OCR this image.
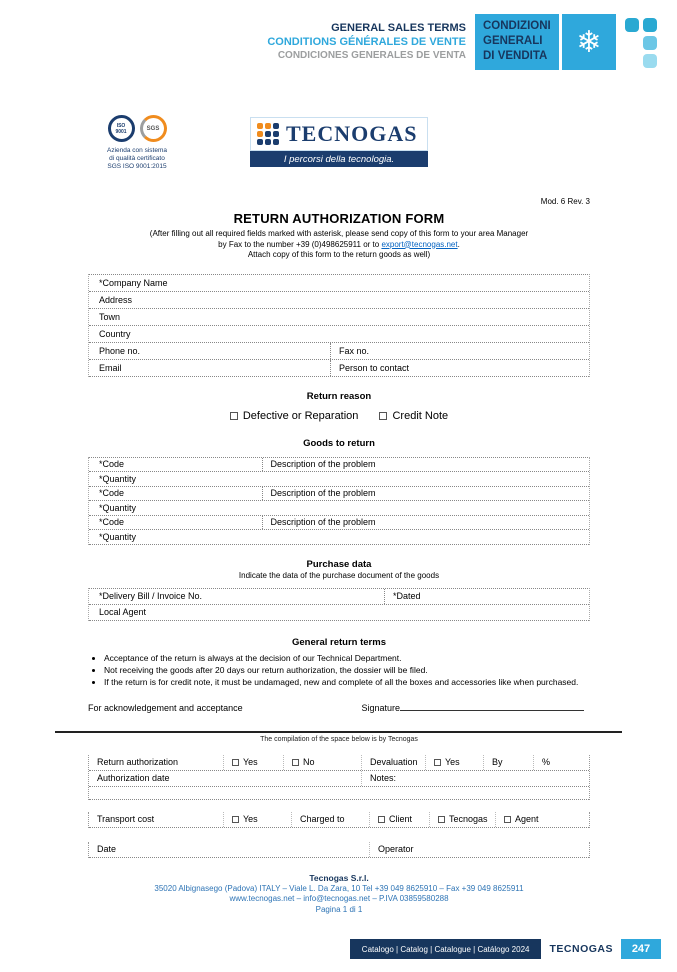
GENERAL SALES TERMS
CONDITIONS GÉNÉRALES DE VENTE
CONDICIONES GENERALES DE VENTA
CONDIZIONI
GENERALI
DI VENDITA ❄
ISO 9001	SGS
Azienda con sistema
di qualità certificato
SGS ISO 9001:2015
TECNOGAS
I percorsi della tecnologia.
Mod. 6 Rev. 3
RETURN AUTHORIZATION FORM
(After filling out all required fields marked with asterisk, please send copy of this form to your area Manager
by Fax to the number +39 (0)498625911 or to export@tecnogas.net.
Attach copy of this form to the return goods as well)
*Company Name
Address
Town
Country
Phone no.	Fax no.
Email	Person to contact
Return reason
Defective or Reparation	Credit Note
Goods to return
*Code	Description of the problem
*Quantity
*Code	Description of the problem
*Quantity
*Code	Description of the problem
*Quantity
Purchase data
Indicate the data of the purchase document of the goods
*Delivery Bill / Invoice No.	*Dated
Local Agent
General return terms
• Acceptance of the return is always at the decision of our Technical Department.
• Not receiving the goods after 20 days our return authorization, the dossier will be filed.
• If the return is for credit note, it must be undamaged, new and complete of all the boxes and accessories like when purchased.
For acknowledgement and acceptance	Signature
The compilation of the space below is by Tecnogas
Return authorization	Yes	No	Devaluation	Yes	By	%
Authorization date	Notes:
Transport cost	Yes	Charged to	Client	Tecnogas	Agent
Date	Operator
Tecnogas S.r.l.
35020 Albignasego (Padova) ITALY – Viale L. Da Zara, 10 Tel +39 049 8625910 – Fax +39 049 8625911
www.tecnogas.net – info@tecnogas.net – P.IVA 03859580288
Pagina 1 di 1
Catalogo | Catalog | Catalogue | Catálogo 2024	TECNOGAS	247
